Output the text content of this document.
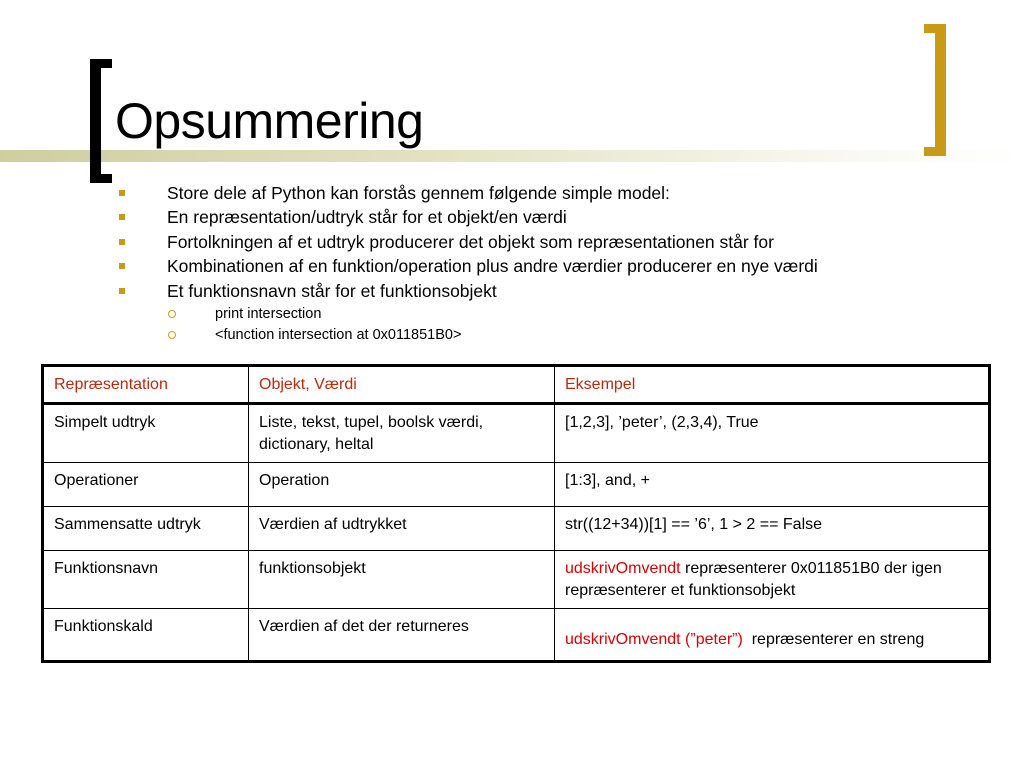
Opsummering
Store dele af Python kan forstås gennem følgende simple model:
En repræsentation/udtryk står for et objekt/en værdi
Fortolkningen af et udtryk producerer det objekt som repræsentationen står for
Kombinationen af en funktion/operation plus andre værdier producerer en nye værdi
Et funktionsnavn står for et funktionsobjekt
print intersection
<function intersection at 0x011851B0>
Repræsentation	Objekt, Værdi	Eksempel
Simpelt udtryk	Liste, tekst, tupel, boolsk værdi, dictionary, heltal	[1,2,3], ’peter’, (2,3,4), True
Operationer	Operation	[1:3], and, +
Sammensatte udtryk	Værdien af udtrykket	str((12+34))[1] == ’6’, 1 > 2 == False
Funktionsnavn	funktionsobjekt	udskrivOmvendt repræsenterer 0x011851B0 der igen repræsenterer et funktionsobjekt
Funktionskald	Værdien af det der returneres	udskrivOmvendt (”peter”)  repræsenterer en streng
